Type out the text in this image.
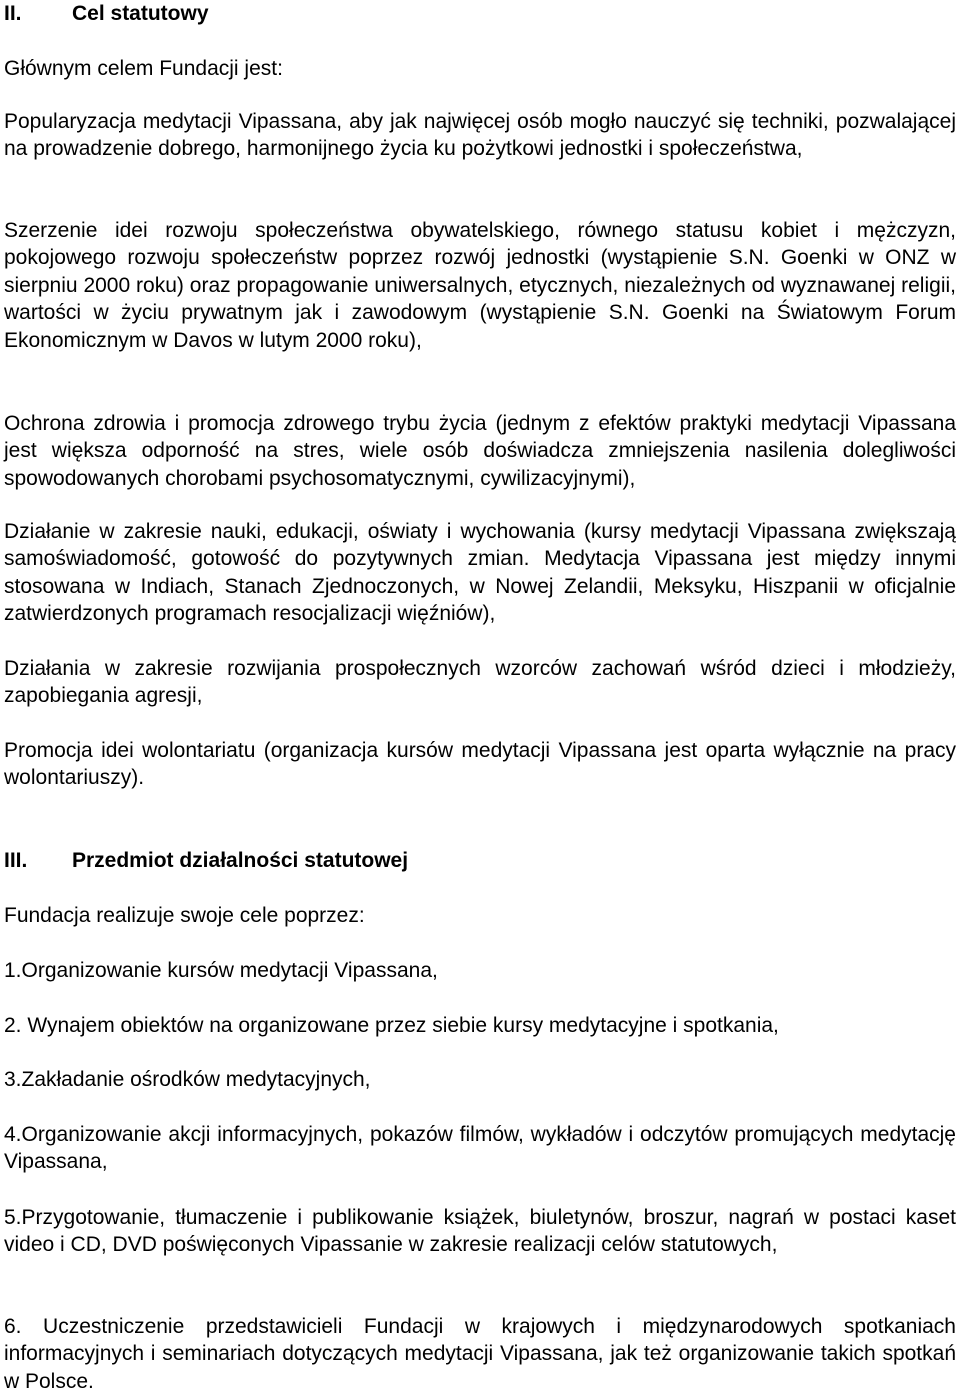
II. Cel statutowy
Głównym celem Fundacji jest:
Popularyzacja medytacji Vipassana, aby jak najwięcej osób mogło nauczyć się techniki, pozwalającej na prowadzenie dobrego, harmonijnego życia ku pożytkowi jednostki i społeczeństwa,
Szerzenie idei rozwoju społeczeństwa obywatelskiego, równego statusu kobiet i mężczyzn, pokojowego rozwoju społeczeństw poprzez rozwój jednostki (wystąpienie S.N. Goenki w ONZ w sierpniu 2000 roku) oraz propagowanie uniwersalnych, etycznych, niezależnych od wyznawanej religii, wartości w życiu prywatnym jak i zawodowym (wystąpienie S.N. Goenki na Światowym Forum Ekonomicznym w Davos w lutym 2000 roku),
Ochrona zdrowia i promocja zdrowego trybu życia (jednym z efektów praktyki medytacji Vipassana jest większa odporność na stres, wiele osób doświadcza zmniejszenia nasilenia dolegliwości spowodowanych chorobami psychosomatycznymi, cywilizacyjnymi),
Działanie w zakresie nauki, edukacji, oświaty i wychowania (kursy medytacji Vipassana zwiększają samoświadomość, gotowość do pozytywnych zmian. Medytacja Vipassana jest między innymi stosowana w Indiach, Stanach Zjednoczonych, w Nowej Zelandii, Meksyku, Hiszpanii w oficjalnie zatwierdzonych programach resocjalizacji więźniów),
Działania w zakresie rozwijania prospołecznych wzorców zachowań wśród dzieci i młodzieży, zapobiegania agresji,
Promocja idei wolontariatu (organizacja kursów medytacji Vipassana jest oparta wyłącznie na pracy wolontariuszy).
III. Przedmiot działalności statutowej
Fundacja realizuje swoje cele poprzez:
1.Organizowanie kursów medytacji Vipassana,
2. Wynajem obiektów na organizowane przez siebie kursy medytacyjne i spotkania,
3.Zakładanie ośrodków medytacyjnych,
4.Organizowanie akcji informacyjnych, pokazów filmów, wykładów i odczytów promujących medytację Vipassana,
5.Przygotowanie, tłumaczenie i publikowanie książek, biuletynów, broszur, nagrań w postaci kaset video i CD, DVD poświęconych Vipassanie w zakresie realizacji celów statutowych,
6. Uczestniczenie przedstawicieli Fundacji w krajowych i międzynarodowych spotkaniach informacyjnych i seminariach dotyczących medytacji Vipassana, jak też organizowanie takich spotkań w Polsce.
